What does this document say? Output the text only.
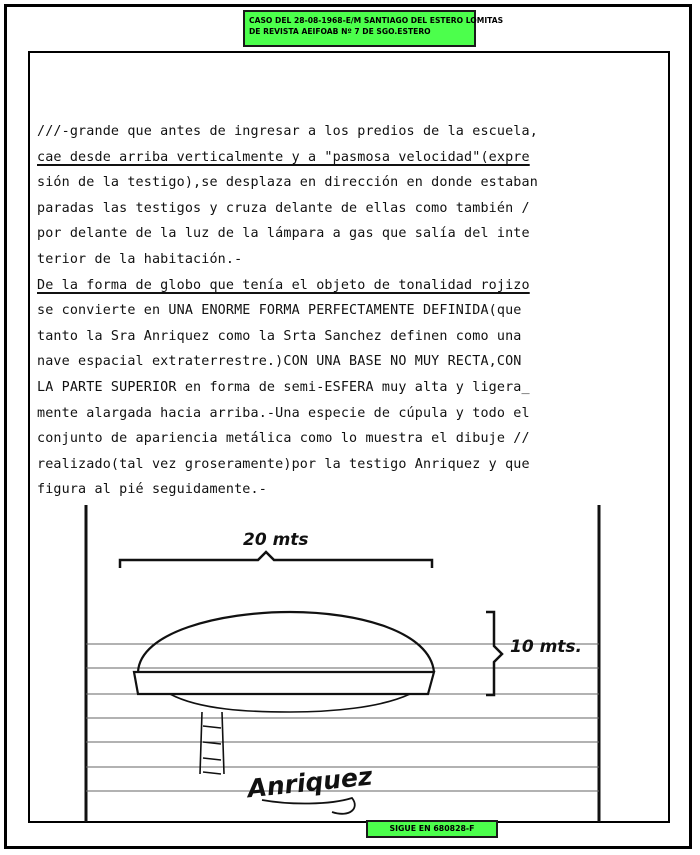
CASO DEL 28-08-1968-E/M SANTIAGO DEL ESTERO LOMITAS
DE REVISTA AEIFOAB Nº 7 DE SGO.ESTERO
///-grande que antes de ingresar a los predios de la escuela,
cae desde arriba verticalmente y a "pasmosa velocidad"(expre
sión de la testigo),se desplaza en dirección en donde estaban
paradas las testigos y cruza delante de ellas como también /
por delante de la luz de la lámpara a gas que salía del inte
terior de la habitación.-
De la forma de globo que tenía el objeto de tonalidad rojizo
se convierte en UNA ENORME FORMA PERFECTAMENTE DEFINIDA(que
tanto la Sra Anriquez como la Srta Sanchez definen como una
nave espacial extraterrestre.)CON UNA BASE NO MUY RECTA,CON
LA PARTE SUPERIOR en forma de semi-ESFERA muy alta y ligera_
mente alargada hacia arriba.-Una especie de cúpula y todo el
conjunto de apariencia metálica como lo muestra el dibuje //
realizado(tal vez groseramente)por la testigo Anriquez y que
figura al pié seguidamente.-
20 mts
10 mts.
Anriquez
SIGUE EN 680828-F
